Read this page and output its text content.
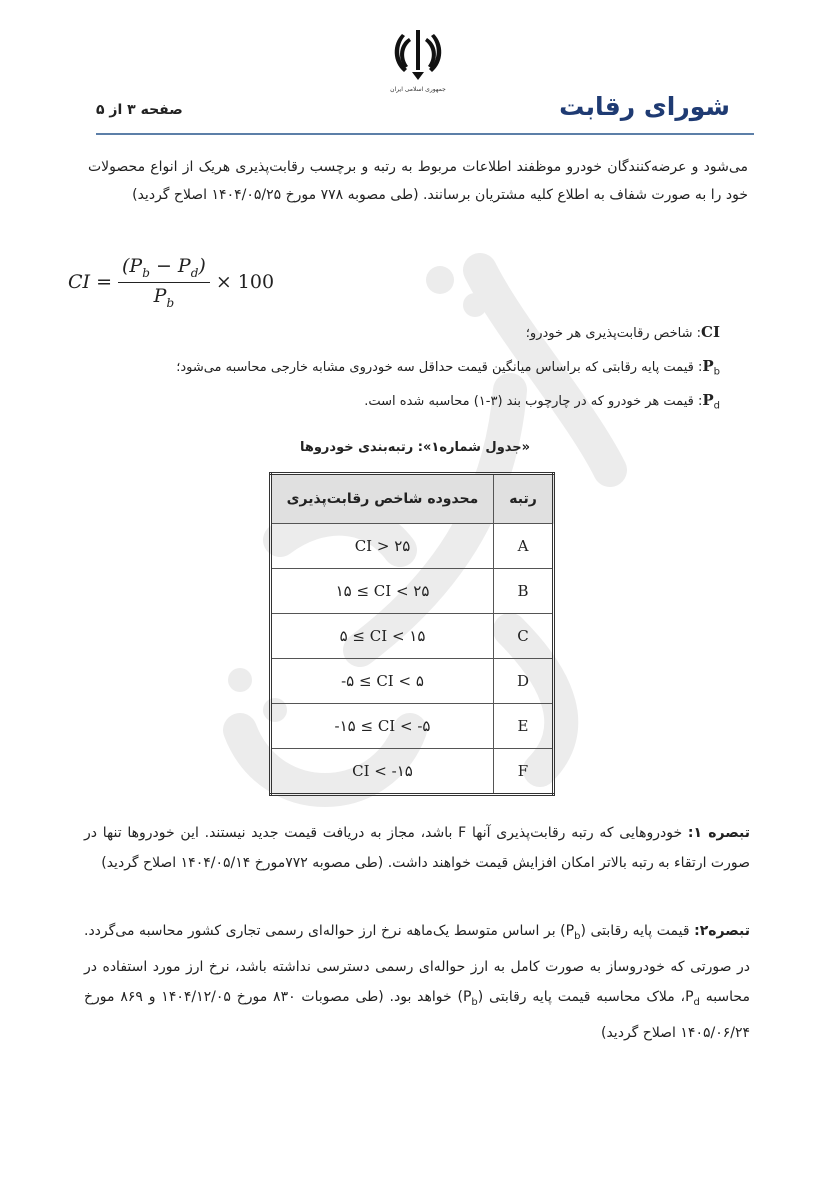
جمهوری اسلامی ایران
شورای رقابت
صفحه ۳ از ۵
می‌شود و عرضه‌کنندگان خودرو موظفند اطلاعات مربوط به رتبه و برچسب رقابت‌پذیری هریک از انواع محصولات خود را به صورت شفاف به اطلاع کلیه مشتریان برسانند. (طی مصوبه ۷۷۸ مورخ ۱۴۰۴/۰۵/۲۵ اصلاح گردید)
CI = $\frac{(P_b - P_d)}{P_b} \times 100$
CI: شاخص رقابت‌پذیری هر خودرو؛
$P_b$: قیمت پایه رقابتی که براساس میانگین قیمت حداقل سه خودروی مشابه خارجی محاسبه می‌شود؛
$P_d$: قیمت هر خودرو که در چارچوب بند (۳-۱) محاسبه شده است.
«جدول شماره۱»: رتبه‌بندی خودروها
رتبه	محدوده شاخص رقابت‌پذیری
A	CI > ۲۵
B	۱۵ ≤ CI < ۲۵
C	۵ ≤ CI < ۱۵
D	-۵ ≤ CI < ۵
E	-۱۵ ≤ CI < -۵
F	CI < -۱۵
تبصره ۱: خودروهایی که رتبه رقابت‌پذیری آنها F باشد، مجاز به دریافت قیمت جدید نیستند. این خودروها تنها در صورت ارتقاء به رتبه بالاتر امکان افزایش قیمت خواهند داشت. (طی مصوبه ۷۷۲مورخ ۱۴۰۴/۰۵/۱۴ اصلاح گردید)
تبصره۲: قیمت پایه رقابتی $(P_b)$ بر اساس متوسط یک‌ماهه نرخ ارز حواله‌ای رسمی تجاری کشور محاسبه می‌گردد. در صورتی که خودروساز به صورت کامل به ارز حواله‌ای رسمی دسترسی نداشته باشد، نرخ ارز مورد استفاده در محاسبه $P_d،$ ملاک محاسبه قیمت پایه رقابتی $(P_b)$ خواهد بود. (طی مصوبات ۸۳۰ مورخ ۱۴۰۴/۱۲/۰۵ و ۸۶۹ مورخ ۱۴۰۵/۰۶/۲۴ اصلاح گردید)
